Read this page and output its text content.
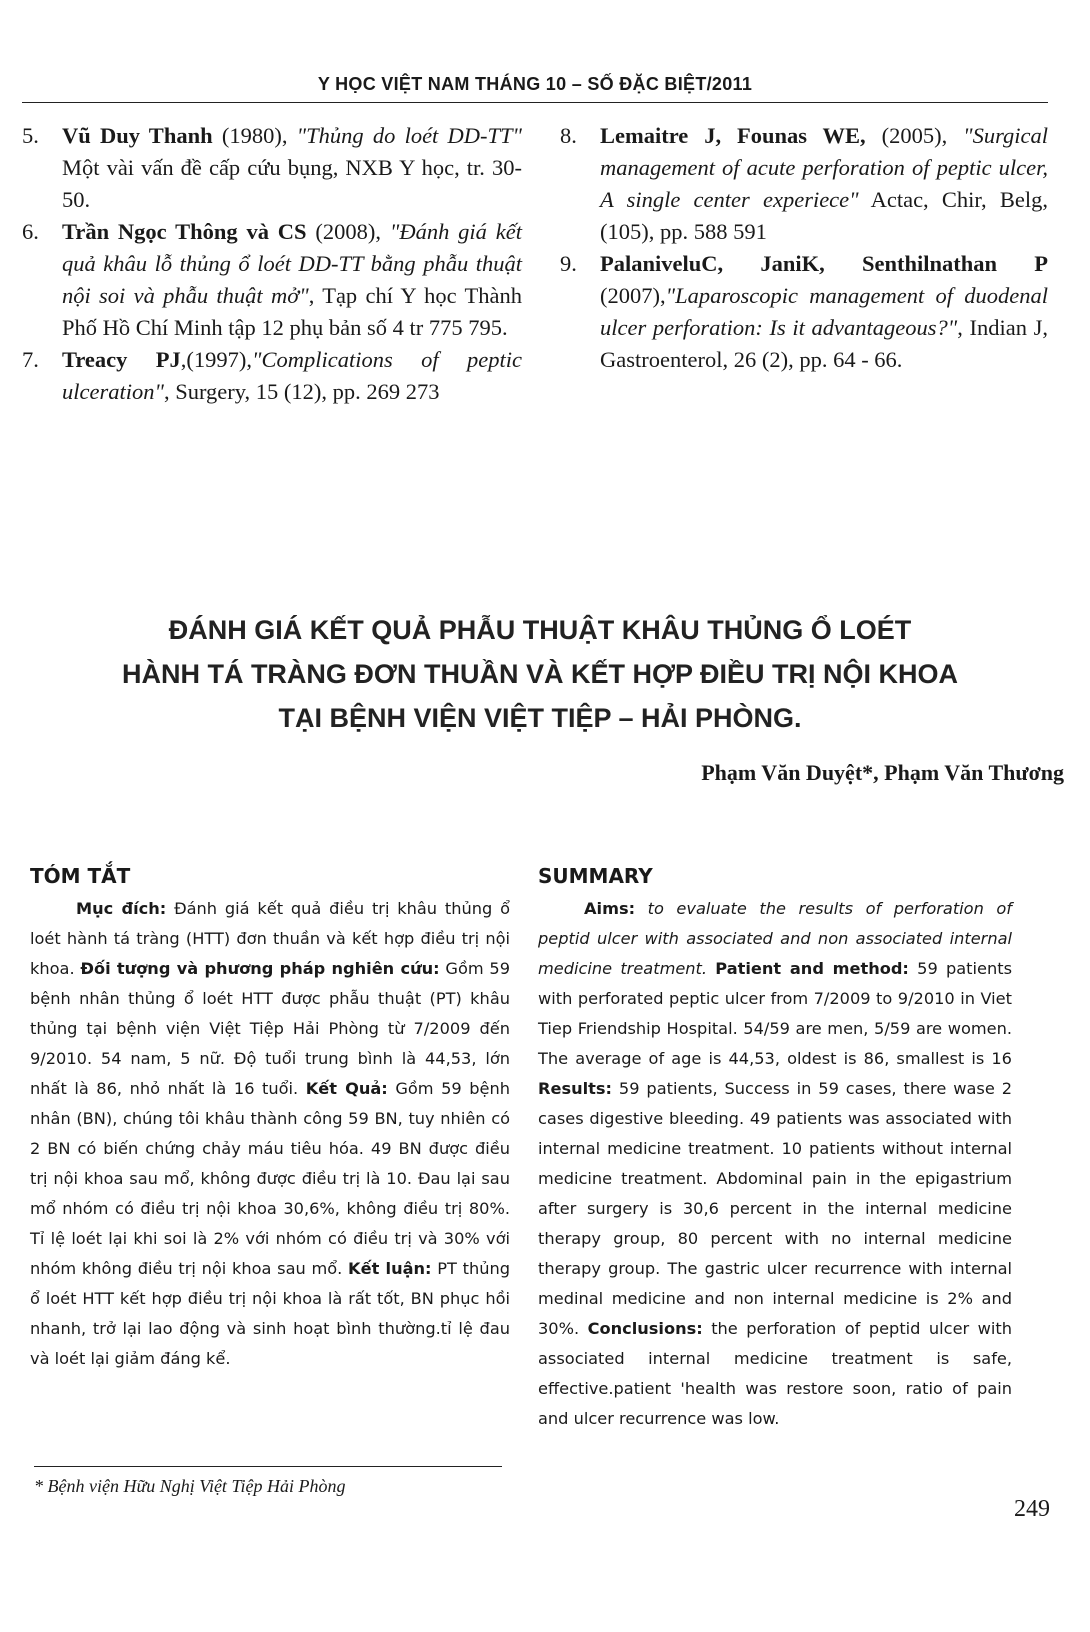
Y HỌC VIỆT NAM THÁNG 10 – SỐ ĐẶC BIỆT/2011
5. Vũ Duy Thanh (1980), "Thủng do loét DD-TT" Một vài vấn đề cấp cứu bụng, NXB Y học, tr. 30-50.
6. Trần Ngọc Thông và CS (2008), "Đánh giá kết quả khâu lỗ thủng ổ loét DD-TT bằng phẫu thuật nội soi và phẫu thuật mở", Tạp chí Y học Thành Phố Hồ Chí Minh tập 12 phụ bản số 4 tr 775 795.
7. Treacy PJ,(1997),"Complications of peptic ulceration", Surgery, 15 (12), pp. 269 273
8. Lemaitre J, Founas WE, (2005), "Surgical management of acute perforation of peptic ulcer, A single center experiece" Actac, Chir, Belg, (105), pp. 588 591
9. PalaniveluC, JaniK, Senthilnathan P (2007),"Laparoscopic management of duodenal ulcer perforation: Is it advantageous?", Indian J, Gastroenterol, 26 (2), pp. 64 - 66.
ĐÁNH GIÁ KẾT QUẢ PHẪU THUẬT KHÂU THỦNG Ổ LOÉT
HÀNH TÁ TRÀNG ĐƠN THUẦN VÀ KẾT HỢP ĐIỀU TRỊ NỘI KHOA
TẠI BỆNH VIỆN VIỆT TIỆP – HẢI PHÒNG.
Phạm Văn Duyệt*, Phạm Văn Thương
TÓM TẮT

Mục đích: Đánh giá kết quả điều trị khâu thủng ổ loét hành tá tràng (HTT) đơn thuần và kết hợp điều trị nội khoa. Đối tượng và phương pháp nghiên cứu: Gồm 59 bệnh nhân thủng ổ loét HTT được phẫu thuật (PT) khâu thủng tại bệnh viện Việt Tiệp Hải Phòng từ 7/2009 đến 9/2010. 54 nam, 5 nữ. Độ tuổi trung bình là 44,53, lớn nhất là 86, nhỏ nhất là 16 tuổi. Kết Quả: Gồm 59 bệnh nhân (BN), chúng tôi khâu thành công 59 BN, tuy nhiên có 2 BN có biến chứng chảy máu tiêu hóa. 49 BN được điều trị nội khoa sau mổ, không được điều trị là 10. Đau lại sau mổ nhóm có điều trị nội khoa 30,6%, không điều trị 80%. Tỉ lệ loét lại khi soi là 2% với nhóm có điều trị và 30% với nhóm không điều trị nội khoa sau mổ. Kết luận: PT thủng ổ loét HTT kết hợp điều trị nội khoa là rất tốt, BN phục hồi nhanh, trở lại lao động và sinh hoạt bình thường.tỉ lệ đau và loét lại giảm đáng kể.

SUMMARY

Aims: to evaluate the results of perforation of peptid ulcer with associated and non associated internal medicine treatment. Patient and method: 59 patients with perforated peptic ulcer from 7/2009 to 9/2010 in Viet Tiep Friendship Hospital. 54/59 are men, 5/59 are women. The average of age is 44,53, oldest is 86, smallest is 16 Results: 59 patients, Success in 59 cases, there wase 2 cases digestive bleeding. 49 patients was associated with internal medicine treatment. 10 patients without internal medicine treatment. Abdominal pain in the epigastrium after surgery is 30,6 percent in the internal medicine therapy group, 80 percent with no internal medicine therapy group. The gastric ulcer recurrence with internal medinal medicine and non internal medicine is 2% and 30%. Conclusions: the perforation of peptid ulcer with associated internal medicine treatment is safe, effective.patient 'health was restore soon, ratio of pain and ulcer recurrence was low.

* Bệnh viện Hữu Nghị Việt Tiệp Hải Phòng
249
